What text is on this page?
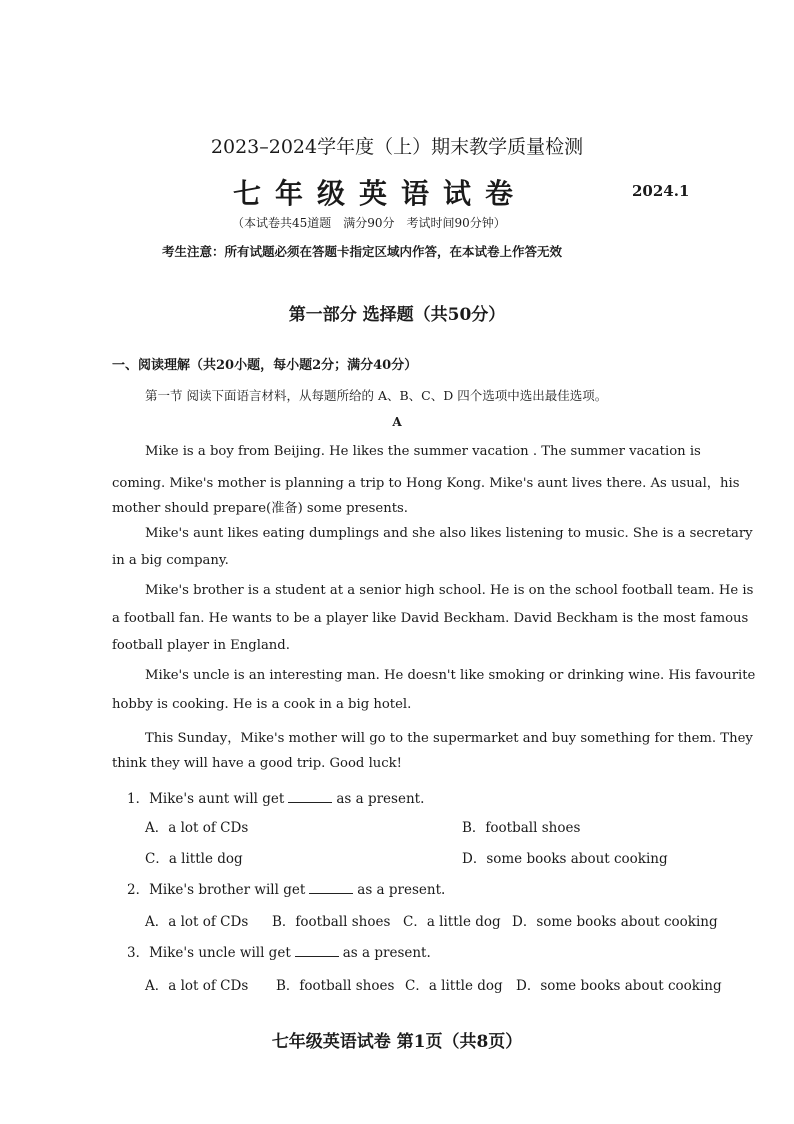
2023–2024学年度（上）期末教学质量检测
七年级英语试卷	2024.1
（本试卷共45道题　满分90分　考试时间90分钟）
考生注意：所有试题必须在答题卡指定区域内作答，在本试卷上作答无效
第一部分 选择题（共50分）
一、阅读理解（共20小题，每小题2分；满分40分）
第一节 阅读下面语言材料，从每题所给的 A、B、C、D 四个选项中选出最佳选项。
A
Mike is a boy from Beijing. He likes the summer vacation . The summer vacation is
coming. Mike's mother is planning a trip to Hong Kong. Mike's aunt lives there. As usual，his
mother should prepare(准备) some presents.
Mike's aunt likes eating dumplings and she also likes listening to music. She is a secretary
in a big company.
Mike's brother is a student at a senior high school. He is on the school football team. He is
a football fan. He wants to be a player like David Beckham. David Beckham is the most famous
football player in England.
Mike's uncle is an interesting man. He doesn't like smoking or drinking wine. His favourite
hobby is cooking. He is a cook in a big hotel.
This Sunday，Mike's mother will go to the supermarket and buy something for them. They
think they will have a good trip. Good luck!
1．Mike's aunt will get	as a present.
A．a lot of CDs	B．football shoes
C．a little dog	D．some books about cooking
2．Mike's brother will get	as a present.
A．a lot of CDs B．football shoes C．a little dog D．some books about cooking
3．Mike's uncle will get	as a present.
A．a lot of CDs B．football shoes C．a little dog D．some books about cooking
七年级英语试卷 第1页（共8页）
